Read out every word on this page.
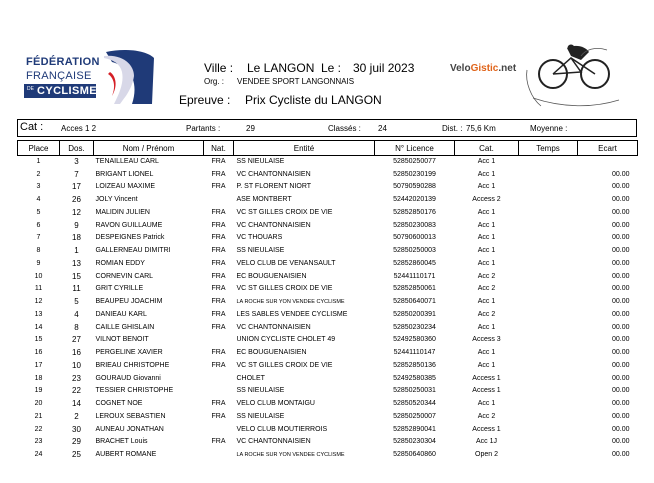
FÉDÉRATION
FRANÇAISE
DE CYCLISME
Ville : Le LANGON Le : 30 juil 2023
Org. : VENDEE SPORT LANGONNAIS
Epreuve : Prix Cycliste du LANGON
VeloGistic.net
Cat : Acces 1 2	Partants :	29	Classés : 24	Dist. : 75,6 Km	Moyenne :
Place	Dos.	Nom / Prénom	Nat.	Entité	N° Licence	Cat.	Temps	Ecart
1	3	TENAILLEAU CARL	FRA	SS NIEULAISE	52850250077	Acc 1		
2	7	BRIGANT LIONEL	FRA	VC CHANTONNAISIEN	52850230199	Acc 1		00.00
3	17	LOIZEAU MAXIME	FRA	P. ST FLORENT NIORT	50790590288	Acc 1		00.00
4	26	JOLY Vincent		ASE MONTBERT	52442020139	Access 2		00.00
5	12	MALIDIN JULIEN	FRA	VC ST GILLES CROIX DE VIE	52852850176	Acc 1		00.00
6	9	RAVON GUILLAUME	FRA	VC CHANTONNAISIEN	52850230083	Acc 1		00.00
7	18	DESPEIGNES Patrick	FRA	VC THOUARS	50790600013	Acc 1		00.00
8	1	GALLERNEAU DIMITRI	FRA	SS NIEULAISE	52850250003	Acc 1		00.00
9	13	ROMIAN EDDY	FRA	VELO CLUB DE VENANSAULT	52852860045	Acc 1		00.00
10	15	CORNEVIN CARL	FRA	EC BOUGUENAISIEN	52441110171	Acc 2		00.00
11	11	GRIT CYRILLE	FRA	VC ST GILLES CROIX DE VIE	52852850061	Acc 2		00.00
12	5	BEAUPEU JOACHIM	FRA	LA ROCHE SUR YON VENDEE CYCLISME	52850640071	Acc 1		00.00
13	4	DANIEAU KARL	FRA	LES SABLES VENDEE CYCLISME	52850200391	Acc 2		00.00
14	8	CAILLE GHISLAIN	FRA	VC CHANTONNAISIEN	52850230234	Acc 1		00.00
15	27	VILNOT BENOIT		UNION CYCLISTE CHOLET 49	52492580360	Access 3		00.00
16	16	PERGELINE XAVIER	FRA	EC BOUGUENAISIEN	52441110147	Acc 1		00.00
17	10	BRIEAU CHRISTOPHE	FRA	VC ST GILLES CROIX DE VIE	52852850136	Acc 1		00.00
18	23	GOURAUD Giovanni		CHOLET	52492580385	Access 1		00.00
19	22	TESSIER CHRISTOPHE		SS NIEULAISE	52850250031	Access 1		00.00
20	14	COGNET NOE	FRA	VELO CLUB MONTAIGU	52850520344	Acc 1		00.00
21	2	LEROUX SEBASTIEN	FRA	SS NIEULAISE	52850250007	Acc 2		00.00
22	30	AUNEAU JONATHAN		VELO CLUB MOUTIERROIS	52852890041	Access 1		00.00
23	29	BRACHET Louis	FRA	VC CHANTONNAISIEN	52850230304	Acc 1J		00.00
24	25	AUBERT ROMANE		LA ROCHE SUR YON VENDEE CYCLISME	52850640860	Open 2		00.00
